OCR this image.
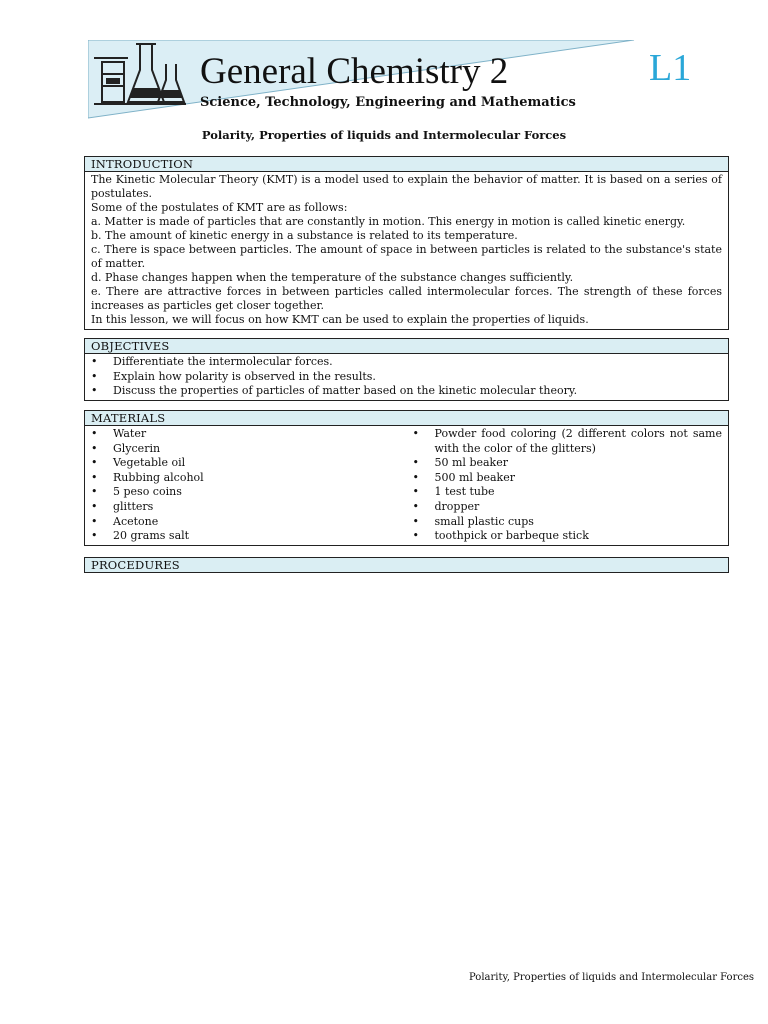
General Chemistry 2
Science, Technology, Engineering and Mathematics
L1
Polarity, Properties of liquids and Intermolecular Forces
INTRODUCTION

The Kinetic Molecular Theory (KMT) is a model used to explain the behavior of matter. It is based on a series of postulates.

Some of the postulates of KMT are as follows:

a. Matter is made of particles that are constantly in motion. This energy in motion is called kinetic energy.

b. The amount of kinetic energy in a substance is related to its temperature.

c. There is space between particles. The amount of space in between particles is related to the substance's state of matter.

d. Phase changes happen when the temperature of the substance changes sufficiently.

e. There are attractive forces in between particles called intermolecular forces. The strength of these forces increases as particles get closer together.

In this lesson, we will focus on how KMT can be used to explain the properties of liquids.

OBJECTIVES
• Differentiate the intermolecular forces.
• Explain how polarity is observed in the results.
• Discuss the properties of particles of matter based on the kinetic molecular theory.
MATERIALS
• Water
• Glycerin
• Vegetable oil
• Rubbing alcohol
• 5 peso coins
• glitters
• Acetone
• 20 grams salt
• Powder food coloring (2 different colors not same with the color of the glitters)
• 50 ml beaker
• 500 ml beaker
• 1 test tube
• dropper
• small plastic cups
• toothpick or barbeque stick
PROCEDURES
Polarity, Properties of liquids and Intermolecular Forces
